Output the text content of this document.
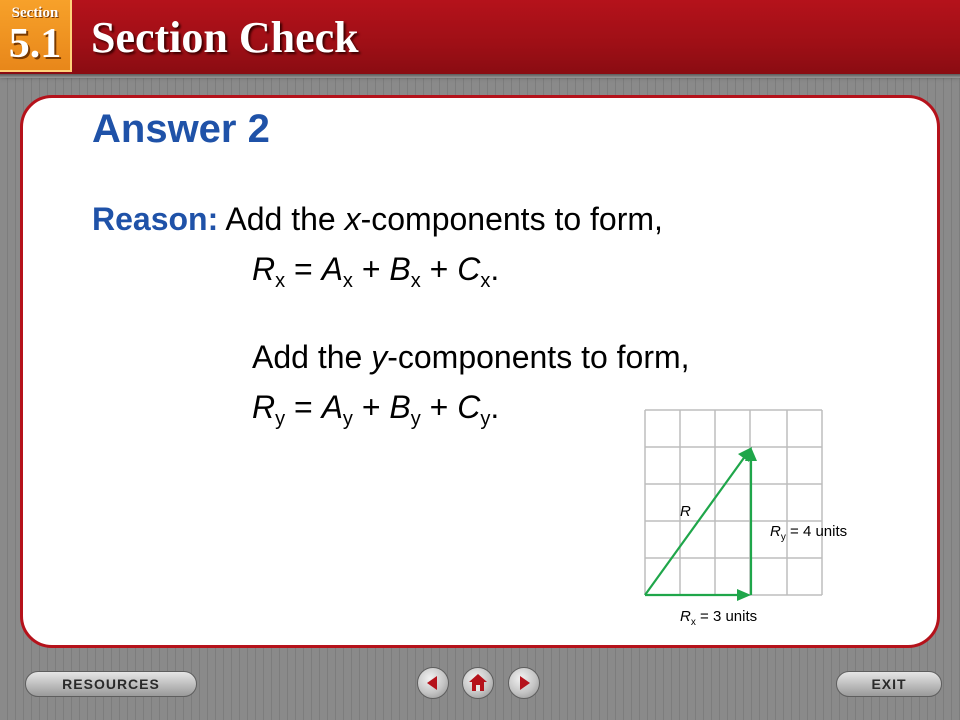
Section
5.1 Section Check
Answer 2
Reason: Add the x-components to form,
$R_x = A_x + B_x + C_x$.
Add the y-components to form,
$R_y = A_y + B_y + C_y$.
R
$R_y = 4$ units
$R_x = 3$ units
RESOURCES	EXIT
